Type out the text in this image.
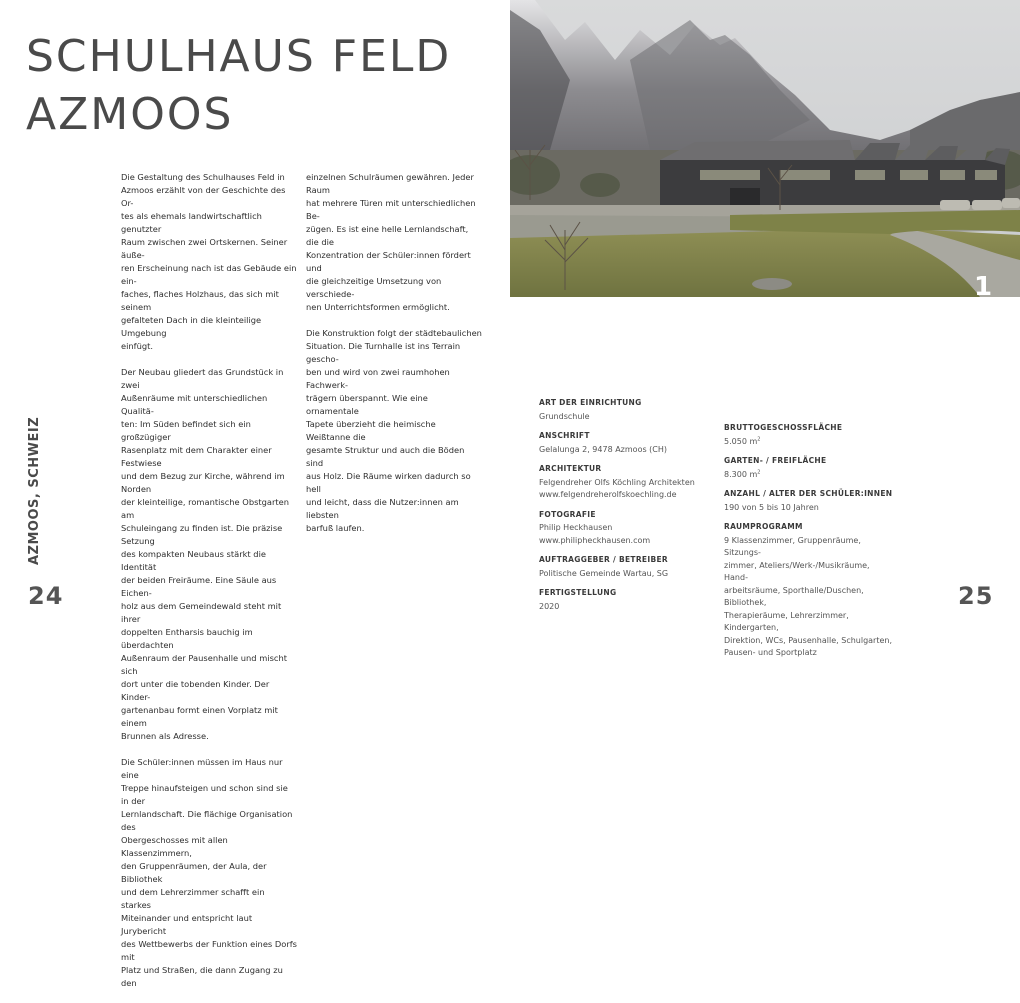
SCHULHAUS FELD
AZMOOS

Die Gestaltung des Schulhauses Feld in
Azmoos erzählt von der Geschichte des Or-
tes als ehemals landwirtschaftlich genutzter
Raum zwischen zwei Ortskernen. Seiner äuße-
ren Erscheinung nach ist das Gebäude ein ein-
faches, flaches Holzhaus, das sich mit seinem
gefalteten Dach in die kleinteilige Umgebung
einfügt.

Der Neubau gliedert das Grundstück in zwei
Außenräume mit unterschiedlichen Qualitä-
ten: Im Süden befindet sich ein großzügiger
Rasenplatz mit dem Charakter einer Festwiese
und dem Bezug zur Kirche, während im Norden
der kleinteilige, romantische Obstgarten am
Schuleingang zu finden ist. Die präzise Setzung
des kompakten Neubaus stärkt die Identität
der beiden Freiräume. Eine Säule aus Eichen-
holz aus dem Gemeindewald steht mit ihrer
doppelten Entharsis bauchig im überdachten
Außenraum der Pausenhalle und mischt sich
dort unter die tobenden Kinder. Der Kinder-
gartenanbau formt einen Vorplatz mit einem
Brunnen als Adresse.

Die Schüler:innen müssen im Haus nur eine
Treppe hinaufsteigen und schon sind sie in der
Lernlandschaft. Die flächige Organisation des
Obergeschosses mit allen Klassenzimmern,
den Gruppenräumen, der Aula, der Bibliothek
und dem Lehrerzimmer schafft ein starkes
Miteinander und entspricht laut Jurybericht
des Wettbewerbs der Funktion eines Dorfs mit
Platz und Straßen, die dann Zugang zu den

einzelnen Schulräumen gewähren. Jeder Raum
hat mehrere Türen mit unterschiedlichen Be-
zügen. Es ist eine helle Lernlandschaft, die die
Konzentration der Schüler:innen fördert und
die gleichzeitige Umsetzung von verschiede-
nen Unterrichtsformen ermöglicht.

Die Konstruktion folgt der städtebaulichen
Situation. Die Turnhalle ist ins Terrain gescho-
ben und wird von zwei raumhohen Fachwerk-
trägern überspannt. Wie eine ornamentale
Tapete überzieht die heimische Weißtanne die
gesamte Struktur und auch die Böden sind
aus Holz. Die Räume wirken dadurch so hell
und leicht, dass die Nutzer:innen am liebsten
barfuß laufen.

AZMOOS, SCHWEIZ
24	25
1
ART DER EINRICHTUNG
Grundschule
ANSCHRIFT
Gelalunga 2, 9478 Azmoos (CH)
ARCHITEKTUR
Felgendreher Olfs Köchling Architekten
www.felgendreherolfskoechling.de
FOTOGRAFIE
Philip Heckhausen
www.philipheckhausen.com
AUFTRAGGEBER / BETREIBER
Politische Gemeinde Wartau, SG
FERTIGSTELLUNG
2020
BRUTTOGESCHOSSFLÄCHE
5.050 $m^2$
GARTEN- / FREIFLÄCHE
8.300 $m^2$
ANZAHL / ALTER DER SCHÜLER:INNEN
190 von 5 bis 10 Jahren
RAUMPROGRAMM
9 Klassenzimmer, Gruppenräume, Sitzungs-
zimmer, Ateliers/Werk-/Musikräume, Hand-
arbeitsräume, Sporthalle/Duschen, Bibliothek,
Therapieräume, Lehrerzimmer, Kindergarten,
Direktion, WCs, Pausenhalle, Schulgarten,
Pausen- und Sportplatz
